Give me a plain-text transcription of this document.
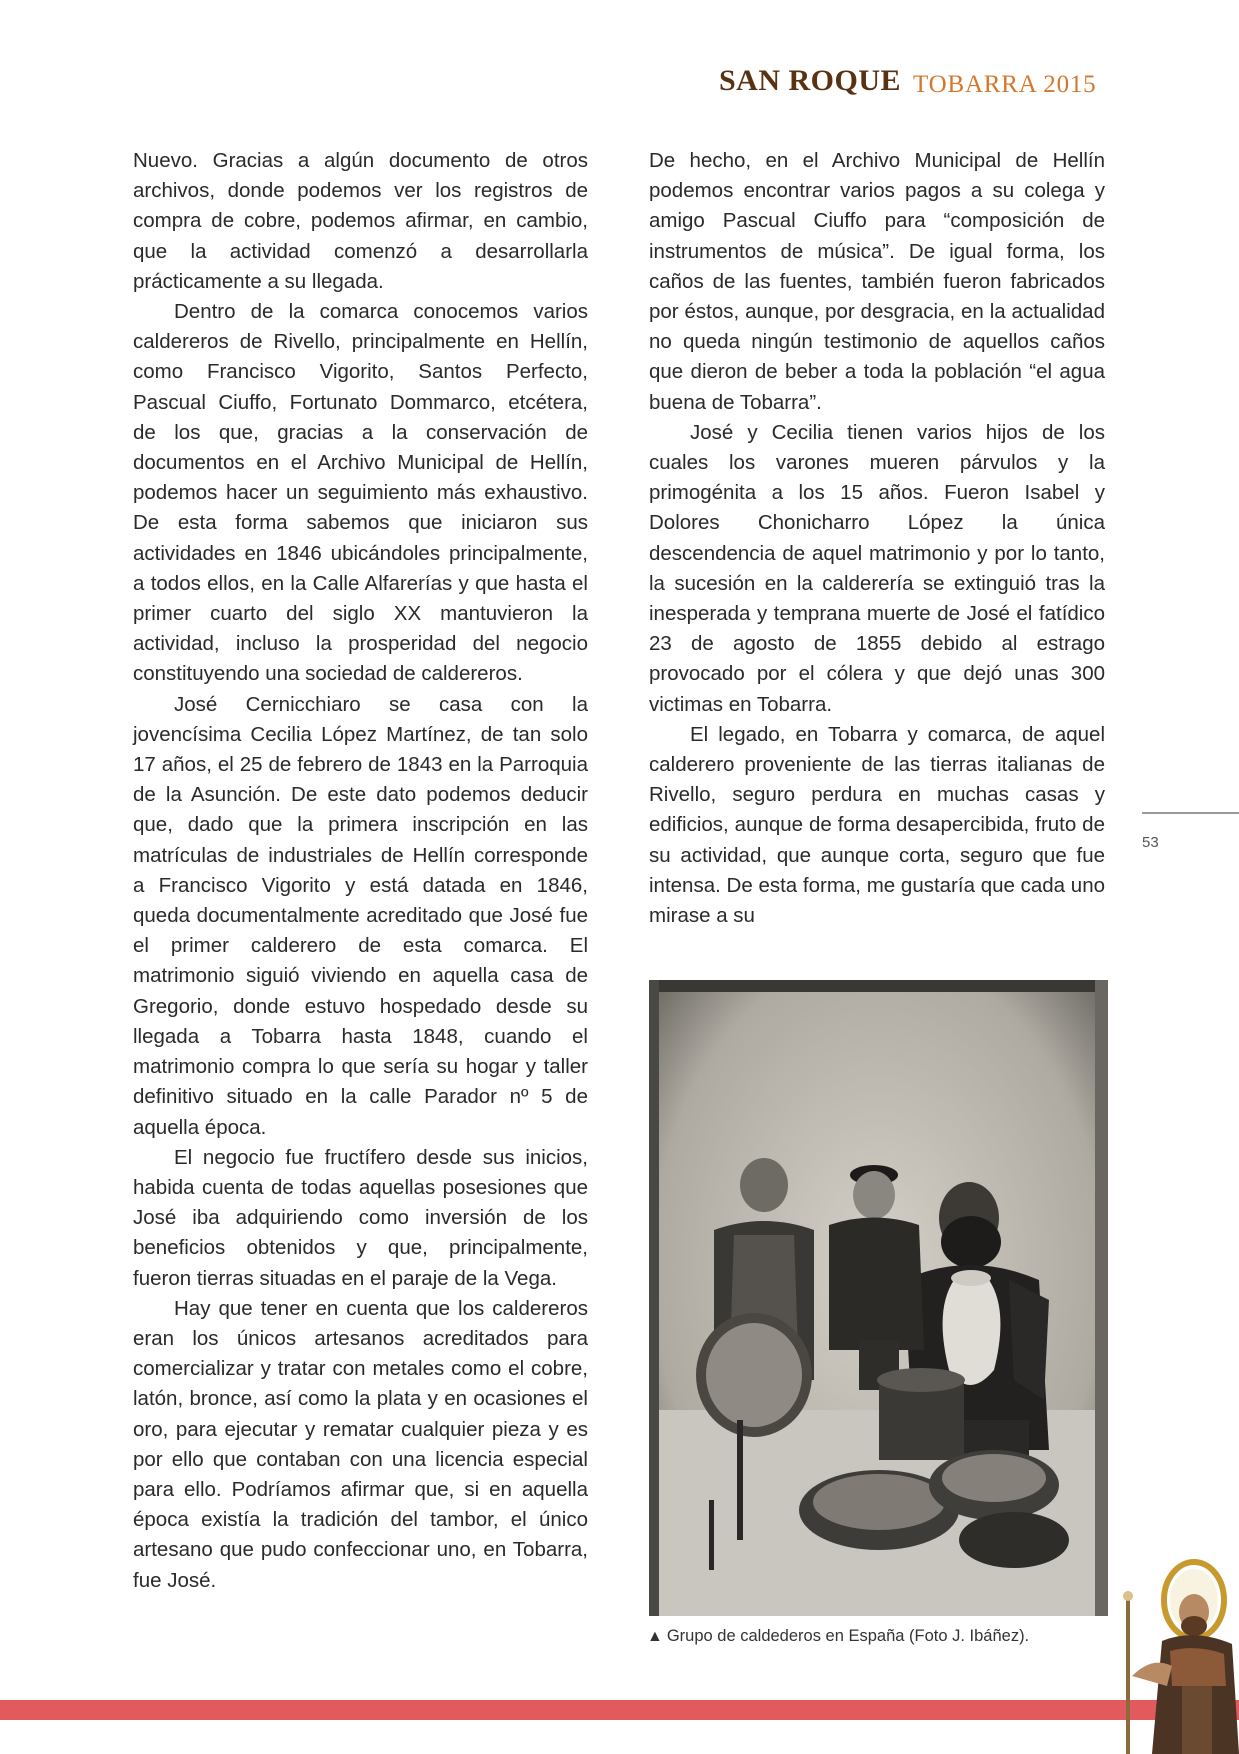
SAN ROQUE TOBARRA 2015

Nuevo. Gracias a algún documento de otros archivos, donde podemos ver los registros de compra de cobre, podemos afirmar, en cambio, que la actividad comenzó a desarrollarla prácticamente a su llegada.

Dentro de la comarca conocemos varios caldereros de Rivello, principalmente en Hellín, como Francisco Vigorito, Santos Perfecto, Pascual Ciuffo, Fortunato Dommarco, etcétera, de los que, gracias a la conservación de documentos en el Archivo Municipal de Hellín, podemos hacer un seguimiento más exhaustivo. De esta forma sabemos que iniciaron sus actividades en 1846 ubicándoles principalmente, a todos ellos, en la Calle Alfarerías y que hasta el primer cuarto del siglo XX mantuvieron la actividad, incluso la prosperidad del negocio constituyendo una sociedad de caldereros.

José Cernicchiaro se casa con la jovencísima Cecilia López Martínez, de tan solo 17 años, el 25 de febrero de 1843 en la Parroquia de la Asunción. De este dato podemos deducir que, dado que la primera inscripción en las matrículas de industriales de Hellín corresponde a Francisco Vigorito y está datada en 1846, queda documentalmente acreditado que José fue el primer calderero de esta comarca. El matrimonio siguió viviendo en aquella casa de Gregorio, donde estuvo hospedado desde su llegada a Tobarra hasta 1848, cuando el matrimonio compra lo que sería su hogar y taller definitivo situado en la calle Parador nº 5 de aquella época.

El negocio fue fructífero desde sus inicios, habida cuenta de todas aquellas posesiones que José iba adquiriendo como inversión de los beneficios obtenidos y que, principalmente, fueron tierras situadas en el paraje de la Vega.

Hay que tener en cuenta que los caldereros eran los únicos artesanos acreditados para comercializar y tratar con metales como el cobre, latón, bronce, así como la plata y en ocasiones el oro, para ejecutar y rematar cualquier pieza y es por ello que contaban con una licencia especial para ello. Podríamos afirmar que, si en aquella época existía la tradición del tambor, el único artesano que pudo confeccionar uno, en Tobarra, fue José.

De hecho, en el Archivo Municipal de Hellín podemos encontrar varios pagos a su colega y amigo Pascual Ciuffo para “composición de instrumentos de música”. De igual forma, los caños de las fuentes, también fueron fabricados por éstos, aunque, por desgracia, en la actualidad no queda ningún testimonio de aquellos caños que dieron de beber a toda la población “el agua buena de Tobarra”.

José y Cecilia tienen varios hijos de los cuales los varones mueren párvulos y la primogénita a los 15 años. Fueron Isabel y Dolores Chonicharro López la única descendencia de aquel matrimonio y por lo tanto, la sucesión en la calderería se extinguió tras la inesperada y temprana muerte de José el fatídico 23 de agosto de 1855 debido al estrago provocado por el cólera y que dejó unas 300 victimas en Tobarra.

El legado, en Tobarra y comarca, de aquel calderero proveniente de las tierras italianas de Rivello, seguro perdura en muchas casas y edificios, aunque de forma desapercibida, fruto de su actividad, que aunque corta, seguro que fue intensa. De esta forma, me gustaría que cada uno mirase a su

▲ Grupo de caldederos en España (Foto J. Ibáñez).
53
